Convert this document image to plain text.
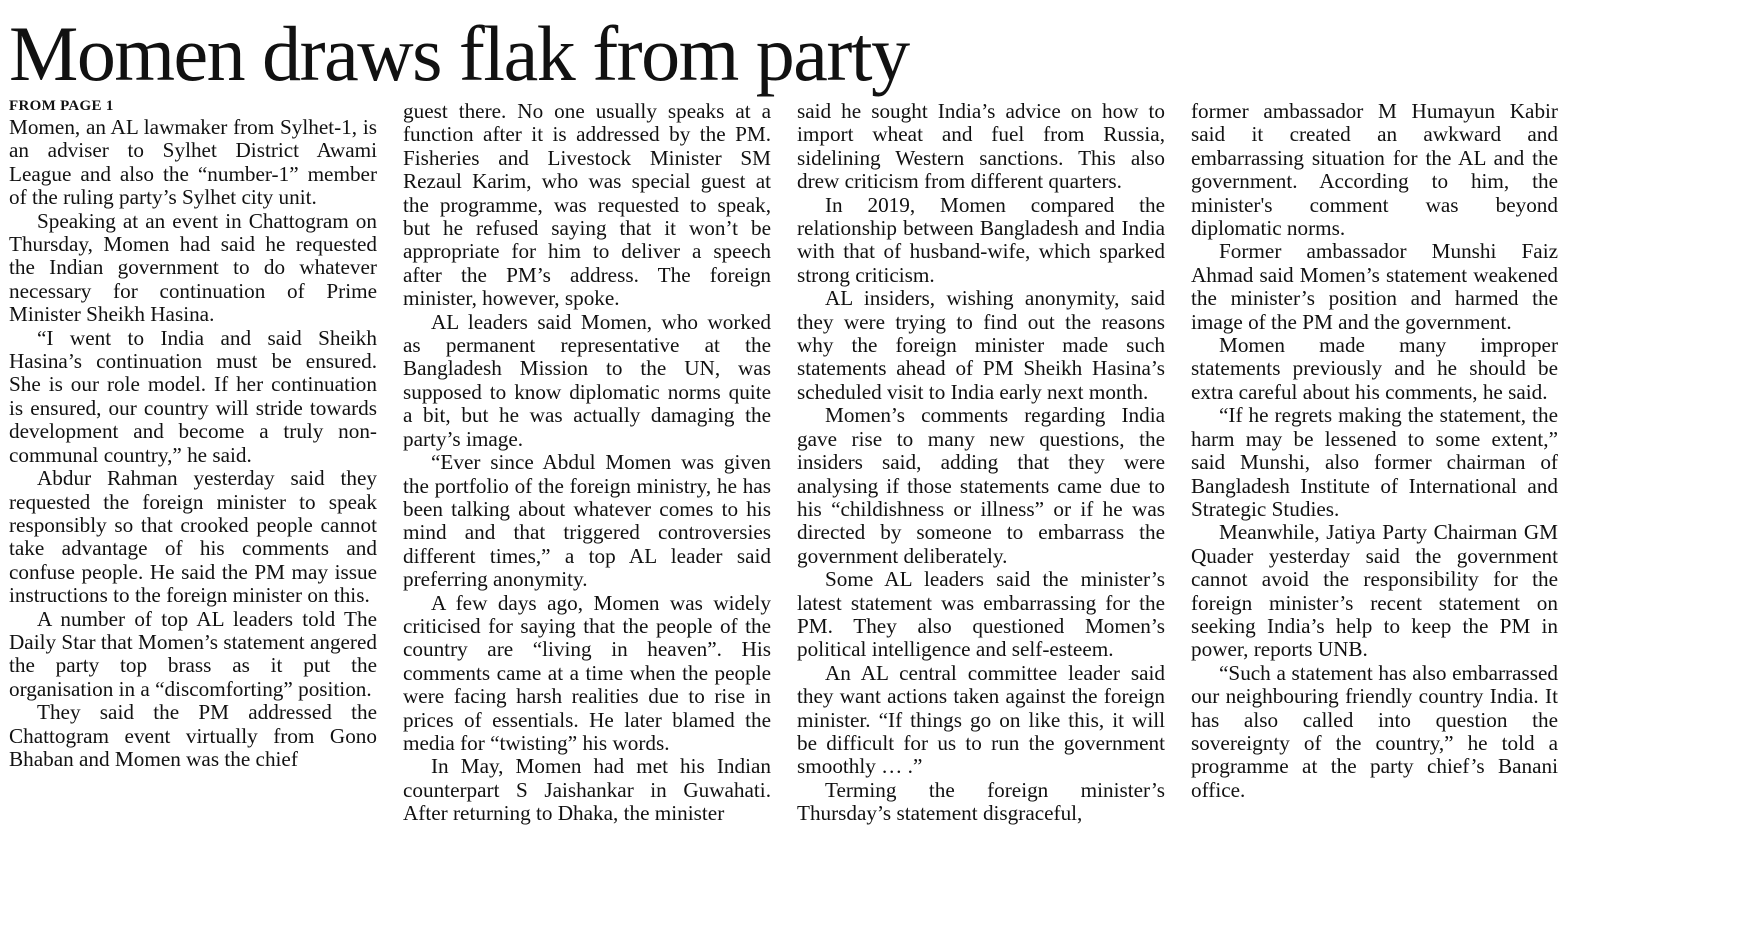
Momen draws flak from party
FROM PAGE 1

Momen, an AL lawmaker from Sylhet-1, is an adviser to Sylhet District Awami League and also the “number-1” member of the ruling party’s Sylhet city unit.

Speaking at an event in Chattogram on Thursday, Momen had said he requested the Indian government to do whatever necessary for continuation of Prime Minister Sheikh Hasina.

“I went to India and said Sheikh Hasina’s continuation must be ensured. She is our role model. If her continuation is ensured, our country will stride towards development and become a truly non-communal country,” he said.

Abdur Rahman yesterday said they requested the foreign minister to speak responsibly so that crooked people cannot take advantage of his comments and confuse people. He said the PM may issue instructions to the foreign minister on this.

A number of top AL leaders told The Daily Star that Momen’s statement angered the party top brass as it put the organisation in a “discomforting” position.

They said the PM addressed the Chattogram event virtually from Gono Bhaban and Momen was the chief

guest there. No one usually speaks at a function after it is addressed by the PM. Fisheries and Livestock Minister SM Rezaul Karim, who was special guest at the programme, was requested to speak, but he refused saying that it won’t be appropriate for him to deliver a speech after the PM’s address. The foreign minister, however, spoke.

AL leaders said Momen, who worked as permanent representative at the Bangladesh Mission to the UN, was supposed to know diplomatic norms quite a bit, but he was actually damaging the party’s image.

“Ever since Abdul Momen was given the portfolio of the foreign ministry, he has been talking about whatever comes to his mind and that triggered controversies different times,” a top AL leader said preferring anonymity.

A few days ago, Momen was widely criticised for saying that the people of the country are “living in heaven”. His comments came at a time when the people were facing harsh realities due to rise in prices of essentials. He later blamed the media for “twisting” his words.

In May, Momen had met his Indian counterpart S Jaishankar in Guwahati. After returning to Dhaka, the minister

said he sought India’s advice on how to import wheat and fuel from Russia, sidelining Western sanctions. This also drew criticism from different quarters.

In 2019, Momen compared the relationship between Bangladesh and India with that of husband-wife, which sparked strong criticism.

AL insiders, wishing anonymity, said they were trying to find out the reasons why the foreign minister made such statements ahead of PM Sheikh Hasina’s scheduled visit to India early next month.

Momen’s comments regarding India gave rise to many new questions, the insiders said, adding that they were analysing if those statements came due to his “childishness or illness” or if he was directed by someone to embarrass the government deliberately.

Some AL leaders said the minister’s latest statement was embarrassing for the PM. They also questioned Momen’s political intelligence and self-esteem.

An AL central committee leader said they want actions taken against the foreign minister. “If things go on like this, it will be difficult for us to run the government smoothly … .”

Terming the foreign minister’s Thursday’s statement disgraceful,

former ambassador M Humayun Kabir said it created an awkward and embarrassing situation for the AL and the government. According to him, the minister's comment was beyond diplomatic norms.

Former ambassador Munshi Faiz Ahmad said Momen’s statement weakened the minister’s position and harmed the image of the PM and the government.

Momen made many improper statements previously and he should be extra careful about his comments, he said.

“If he regrets making the statement, the harm may be lessened to some extent,” said Munshi, also former chairman of Bangladesh Institute of International and Strategic Studies.

Meanwhile, Jatiya Party Chairman GM Quader yesterday said the government cannot avoid the responsibility for the foreign minister’s recent statement on seeking India’s help to keep the PM in power, reports UNB.

“Such a statement has also embarrassed our neighbouring friendly country India. It has also called into question the sovereignty of the country,” he told a programme at the party chief’s Banani office.
